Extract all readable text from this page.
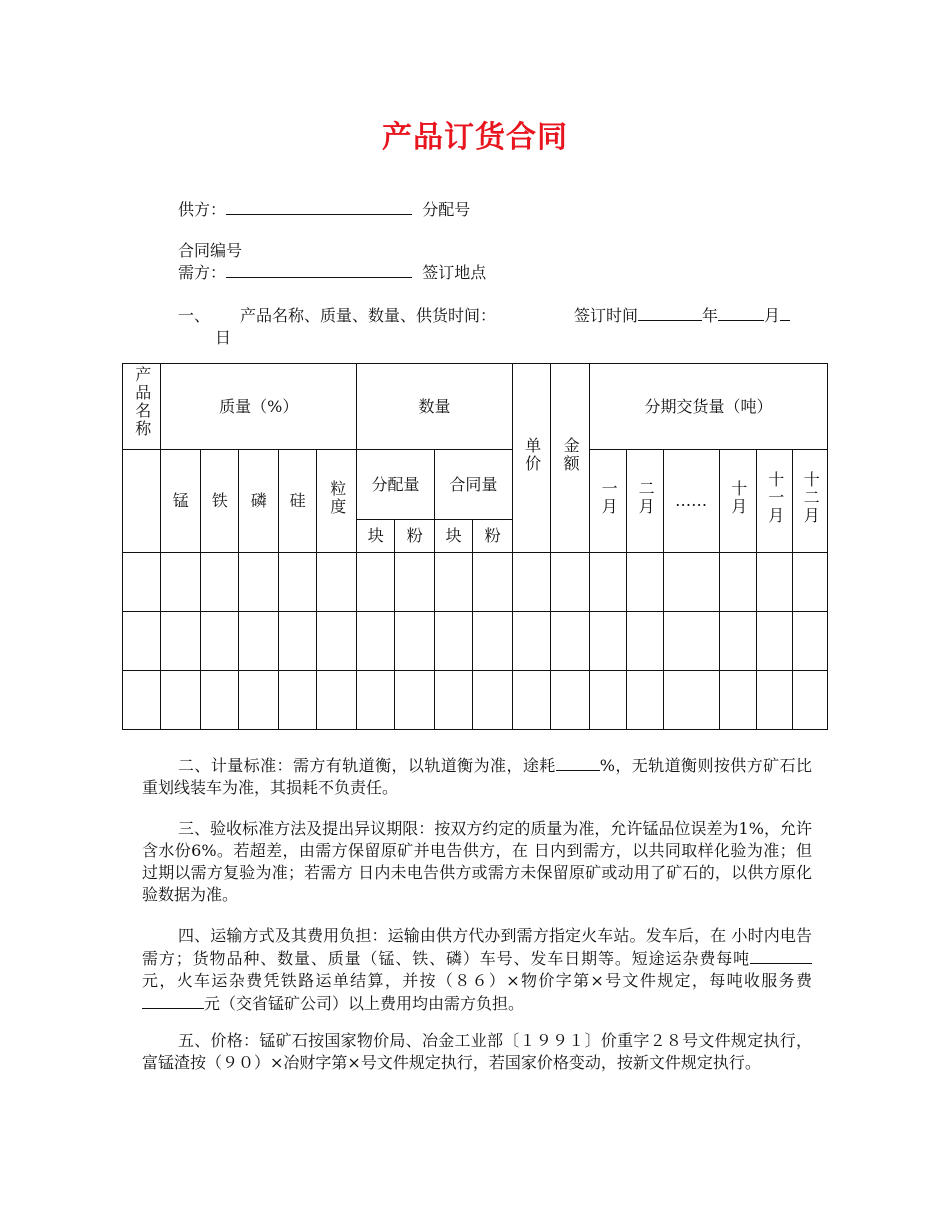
产品订货合同
供方：	分配号
合同编号
需方：	签订地点
一、 产品名称、质量、数量、供货时间：	签订时间	年	月
日
产品名称	质量（%）					数量				单价	金额	分期交货量（吨）					
	锰	铁	磷	硅	粒度	分配量		合同量				一月	二月	……	十月	十一月	十二月
						块	粉	块	粉								

二、计量标准：需方有轨道衡，以轨道衡为准，途耗	%，无轨道衡则按供方矿石比重划线装车为准，其损耗不负责任。
三、验收标准方法及提出异议期限：按双方约定的质量为准，允许锰品位误差为1%，允许含水份6%。若超差，由需方保留原矿并电告供方，在 日内到需方，以共同取样化验为准；但过期以需方复验为准；若需方 日内未电告供方或需方未保留原矿或动用了矿石的，以供方原化验数据为准。
四、运输方式及其费用负担：运输由供方代办到需方指定火车站。发车后，在 小时内电告需方；货物品种、数量、质量（锰、铁、磷）车号、发车日期等。短途运杂费每吨元，火车运杂费凭铁路运单结算，并按（８６）×物价字第×号文件规定，每吨收服务费元（交省锰矿公司）以上费用均由需方负担。
五、价格：锰矿石按国家物价局、冶金工业部〔１９９１〕价重字２８号文件规定执行，富锰渣按（９０）×冶财字第×号文件规定执行，若国家价格变动，按新文件规定执行。
